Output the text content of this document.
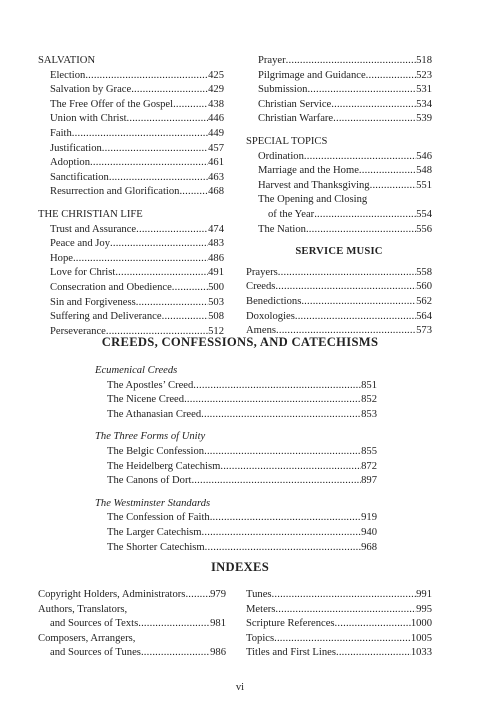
SALVATION
Election .....	425
Salvation by Grace .....	429
The Free Offer of the Gospel .....	438
Union with Christ .....	446
Faith .....	449
Justification .....	457
Adoption .....	461
Sanctification .....	463
Resurrection and Glorification .....	468
THE CHRISTIAN LIFE
Trust and Assurance .....	474
Peace and Joy .....	483
Hope .....	486
Love for Christ .....	491
Consecration and Obedience .....	500
Sin and Forgiveness .....	503
Suffering and Deliverance .....	508
Perseverance .....	512
Prayer .....	518
Pilgrimage and Guidance .....	523
Submission .....	531
Christian Service .....	534
Christian Warfare .....	539
SPECIAL TOPICS
Ordination .....	546
Marriage and the Home .....	548
Harvest and Thanksgiving .....	551
The Opening and Closing
of the Year .....	554
The Nation .....	556
SERVICE MUSIC
Prayers .....	558
Creeds .....	560
Benedictions .....	562
Doxologies .....	564
Amens .....	573
CREEDS, CONFESSIONS, AND CATECHISMS
Ecumenical Creeds
The Apostles’ Creed .....	851
The Nicene Creed .....	852
The Athanasian Creed .....	853
The Three Forms of Unity
The Belgic Confession .....	855
The Heidelberg Catechism .....	872
The Canons of Dort .....	897
The Westminster Standards
The Confession of Faith .....	919
The Larger Catechism .....	940
The Shorter Catechism .....	968
INDEXES
Copyright Holders, Administrators ..... 979
Authors, Translators,
and Sources of Texts .....	981
Composers, Arrangers,
and Sources of Tunes .....	986
Tunes .....	991
Meters .....	995
Scripture References .....	1000
Topics .....	1005
Titles and First Lines .....	1033
vi
